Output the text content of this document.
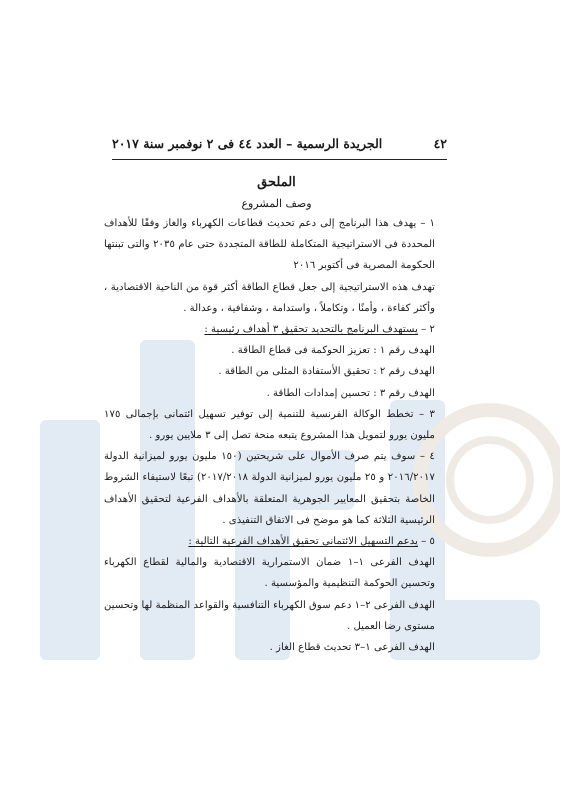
الجريدة الرسمية – العدد ٤٤ فى ٢ نوفمبر سنة ٢٠١٧	٤٢

الملحق

وصف المشروع

١ – يهدف هذا البرنامج إلى دعم تحديث قطاعات الكهرباء والغاز وفقًا للأهداف المحددة فى الاستراتيجية المتكاملة للطاقة المتجددة حتى عام ٢٠٣٥ والتى تبنتها الحكومة المصرية فى أكتوبر ٢٠١٦

تهدف هذه الاستراتيجية إلى جعل قطاع الطاقة أكثر قوة من الناحية الاقتصادية ، وأكثر كفاءة ، وأمنًا ، وتكاملاً ، واستدامة ، وشفافية ، وعدالة .

٢ – يستهدف البرنامج بالتحديد تحقيق ٣ أهداف رئيسية :

الهدف رقم ١ : تعزيز الحوكمة فى قطاع الطاقة .

الهدف رقم ٢ : تحقيق الأستفادة المثلى من الطاقة .

الهدف رقم ٣ : تحسين إمدادات الطاقة .

٣ – تخطط الوكالة الفرنسية للتنمية إلى توفير تسهيل ائتمانى بإجمالى ١٧٥ مليون يورو لتمويل هذا المشروع يتبعه منحة تصل إلى ٣ ملايين يورو .

٤ – سوف يتم صرف الأموال على شريحتين (١٥٠ مليون يورو لميزانية الدولة ٢٠١٦/٢٠١٧ و ٢٥ مليون يورو لميزانية الدولة ٢٠١٧/٢٠١٨) تبعًا لاستيفاء الشروط الخاصة بتحقيق المعايير الجوهرية المتعلقة بالأهداف الفرعية لتحقيق الأهداف الرئيسية الثلاثة كما هو موضح فى الاتفاق التنفيذى .

٥ – يدعم التسهيل الائتمانى تحقيق الأهداف الفرعية التالية :

الهدف الفرعى ١–١ ضمان الاستمرارية الاقتصادية والمالية لقطاع الكهرباء وتحسين الحوكمة التنظيمية والمؤسسية .

الهدف الفرعى ٢–١ دعم سوق الكهرباء التنافسية والقواعد المنظمة لها وتحسين مستوى رضا العميل .

الهدف الفرعى ١–٣ تحديث قطاع الغاز .
